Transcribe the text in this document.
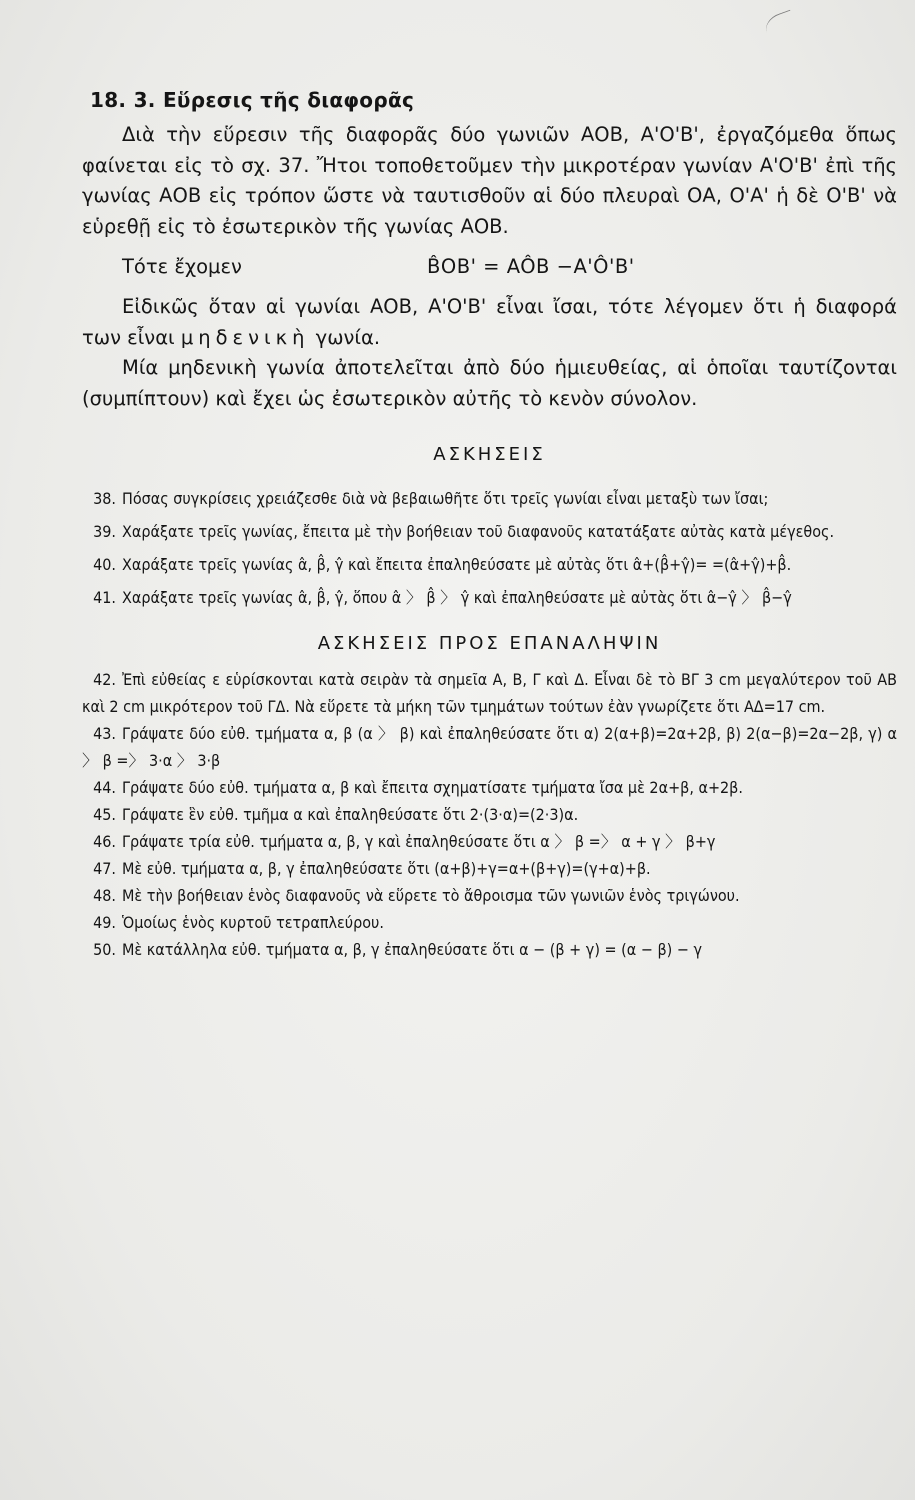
18. 3. Εὕρεσις τῆς διαφορᾶς

Διὰ τὴν εὕρεσιν τῆς διαφορᾶς δύο γωνιῶν ΑΟΒ, Α'Ο'Β', ἐργαζόμεθα ὅπως φαίνεται εἰς τὸ σχ. 37. Ἤτοι τοποθετοῦμεν τὴν μικροτέραν γωνίαν Α'Ο'Β' ἐπὶ τῆς γωνίας ΑΟΒ εἰς τρόπον ὥστε νὰ ταυτισθοῦν αἱ δύο πλευραὶ ΟΑ, Ο'Α' ἡ δὲ Ο'Β' νὰ εὑρεθῇ εἰς τὸ ἐσωτερικὸν τῆς γωνίας ΑΟΒ.

Τότε ἔχομεν	B̂OB' = AÔB −A'Ô'B'

Εἰδικῶς ὅταν αἱ γωνίαι ΑΟΒ, Α'Ο'Β' εἶναι ἴσαι, τότε λέγομεν ὅτι ἡ διαφορά των εἶναι μηδενικὴ γωνία.

Μία μηδενικὴ γωνία ἀποτελεῖται ἀπὸ δύο ἡμιευθείας, αἱ ὁποῖαι ταυτίζονται (συμπίπτουν) καὶ ἔχει ὡς ἐσωτερικὸν αὐτῆς τὸ κενὸν σύνολον.

ΑΣΚΗΣΕΙΣ
38. Πόσας συγκρίσεις χρειάζεσθε διὰ νὰ βεβαιωθῆτε ὅτι τρεῖς γωνίαι εἶναι μεταξὺ των ἴσαι;
39. Χαράξατε τρεῖς γωνίας, ἔπειτα μὲ τὴν βοήθειαν τοῦ διαφανοῦς κατατάξατε αὐτὰς κατὰ μέγεθος.
40. Χαράξατε τρεῖς γωνίας α̂, β̂, γ̂ καὶ ἔπειτα ἐπαληθεύσατε μὲ αὐτὰς ὅτι α̂+(β̂+γ̂)= =(α̂+γ̂)+β̂.
41. Χαράξατε τρεῖς γωνίας α̂, β̂, γ̂, ὅπου α̂ 〉 β̂ 〉 γ̂ καὶ ἐπαληθεύσατε μὲ αὐτὰς ὅτι α̂−γ̂ 〉 β̂−γ̂
ΑΣΚΗΣΕΙΣ ΠΡΟΣ ΕΠΑΝΑΛΗΨΙΝ
42. Ἐπὶ εὐθείας ε εὑρίσκονται κατὰ σειρὰν τὰ σημεῖα Α, Β, Γ καὶ Δ. Εἶναι δὲ τὸ ΒΓ 3 cm μεγαλύτερον τοῦ ΑΒ καὶ 2 cm μικρότερον τοῦ ΓΔ. Νὰ εὕρετε τὰ μήκη τῶν τμημάτων τούτων ἐὰν γνωρίζετε ὅτι ΑΔ=17 cm.
43. Γράψατε δύο εὐθ. τμήματα α, β (α 〉 β) καὶ ἐπαληθεύσατε ὅτι α) 2(α+β)=2α+2β, β) 2(α−β)=2α−2β, γ) α 〉 β =〉 3·α 〉 3·β
44. Γράψατε δύο εὐθ. τμήματα α, β καὶ ἔπειτα σχηματίσατε τμήματα ἴσα μὲ 2α+β, α+2β.
45. Γράψατε ἓν εὐθ. τμῆμα α καὶ ἐπαληθεύσατε ὅτι 2·(3·α)=(2·3)α.
46. Γράψατε τρία εὐθ. τμήματα α, β, γ καὶ ἐπαληθεύσατε ὅτι α 〉 β =〉 α + γ 〉 β+γ
47. Μὲ εὐθ. τμήματα α, β, γ ἐπαληθεύσατε ὅτι (α+β)+γ=α+(β+γ)=(γ+α)+β.
48. Μὲ τὴν βοήθειαν ἑνὸς διαφανοῦς νὰ εὕρετε τὸ ἄθροισμα τῶν γωνιῶν ἑνὸς τριγώνου.
49. Ὁμοίως ἑνὸς κυρτοῦ τετραπλεύρου.
50. Μὲ κατάλληλα εὐθ. τμήματα α, β, γ ἐπαληθεύσατε ὅτι α − (β + γ) = (α − β) − γ
